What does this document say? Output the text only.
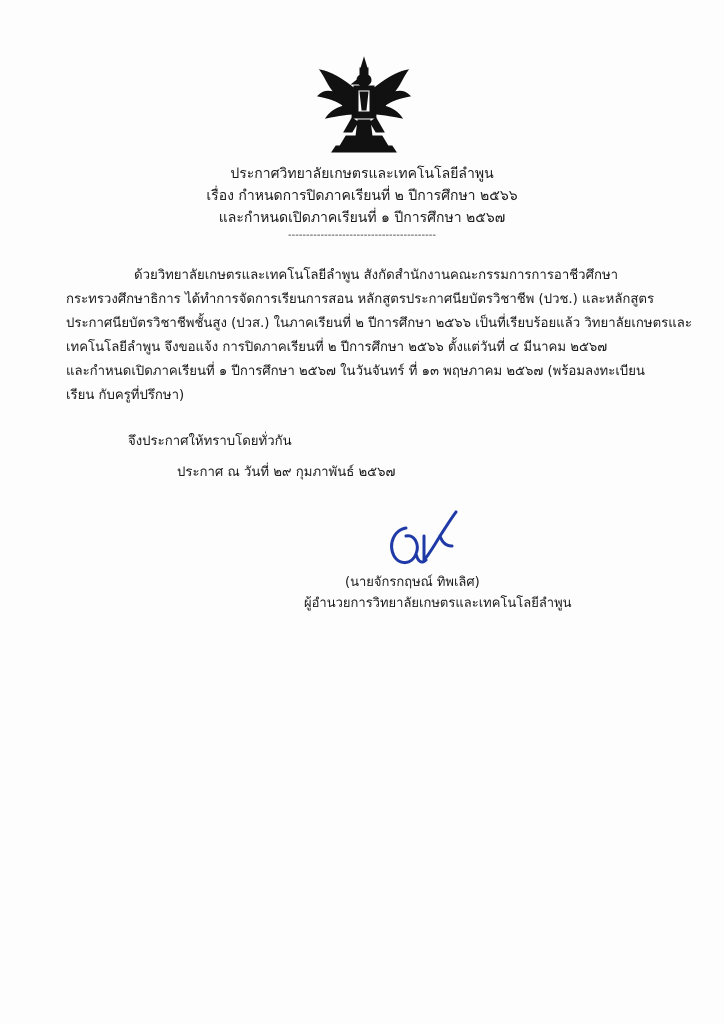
ประกาศวิทยาลัยเกษตรและเทคโนโลยีลำพูน
เรื่อง กำหนดการปิดภาคเรียนที่ ๒ ปีการศึกษา ๒๕๖๖
และกำหนดเปิดภาคเรียนที่ ๑ ปีการศึกษา ๒๕๖๗
-----------------------------------------
ด้วยวิทยาลัยเกษตรและเทคโนโลยีลำพูน สังกัดสำนักงานคณะกรรมการการอาชีวศึกษา
กระทรวงศึกษาธิการ ได้ทำการจัดการเรียนการสอน หลักสูตรประกาศนียบัตรวิชาชีพ (ปวช.) และหลักสูตร
ประกาศนียบัตรวิชาชีพชั้นสูง (ปวส.) ในภาคเรียนที่ ๒ ปีการศึกษา ๒๕๖๖ เป็นที่เรียบร้อยแล้ว วิทยาลัยเกษตรและ
เทคโนโลยีลำพูน จึงขอแจ้ง การปิดภาคเรียนที่ ๒ ปีการศึกษา ๒๕๖๖ ตั้งแต่วันที่ ๔ มีนาคม ๒๕๖๗
และกำหนดเปิดภาคเรียนที่ ๑ ปีการศึกษา ๒๕๖๗ ในวันจันทร์ ที่ ๑๓ พฤษภาคม ๒๕๖๗ (พร้อมลงทะเบียน
เรียน กับครูที่ปรึกษา)
จึงประกาศให้ทราบโดยทั่วกัน
ประกาศ ณ วันที่ ๒๙ กุมภาพันธ์ ๒๕๖๗
(นายจักรกฤษณ์ ทิพเลิศ)
ผู้อำนวยการวิทยาลัยเกษตรและเทคโนโลยีลำพูน
